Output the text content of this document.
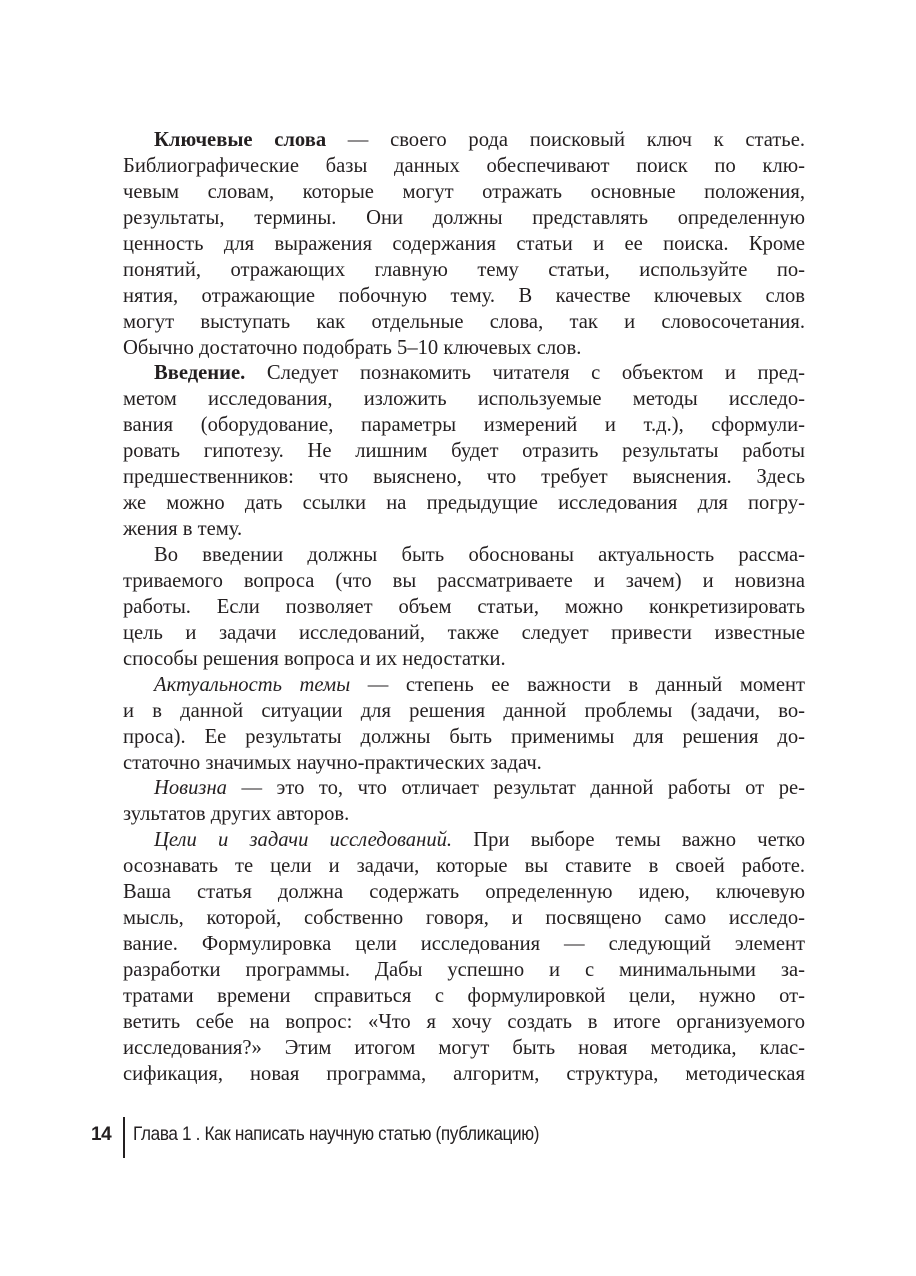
Ключевые слова — своего рода поисковый ключ к статье.
Библиографические базы данных обеспечивают поиск по клю-
чевым словам, которые могут отражать основные положения,
результаты, термины. Они должны представлять определенную
ценность для выражения содержания статьи и ее поиска. Кроме
понятий, отражающих главную тему статьи, используйте по-
нятия, отражающие побочную тему. В качестве ключевых слов
могут выступать как отдельные слова, так и словосочетания.
Обычно достаточно подобрать 5–10 ключевых слов.
Введение. Следует познакомить читателя с объектом и пред-
метом исследования, изложить используемые методы исследо-
вания (оборудование, параметры измерений и т.д.), сформули-
ровать гипотезу. Не лишним будет отразить результаты работы
предшественников: что выяснено, что требует выяснения. Здесь
же можно дать ссылки на предыдущие исследования для погру-
жения в тему.
Во введении должны быть обоснованы актуальность рассма-
триваемого вопроса (что вы рассматриваете и зачем) и новизна
работы. Если позволяет объем статьи, можно конкретизировать
цель и задачи исследований, также следует привести известные
способы решения вопроса и их недостатки.
Актуальность темы — степень ее важности в данный момент
и в данной ситуации для решения данной проблемы (задачи, во-
проса). Ее результаты должны быть применимы для решения до-
статочно значимых научно-практических задач.
Новизна — это то, что отличает результат данной работы от ре-
зультатов других авторов.
Цели и задачи исследований. При выборе темы важно четко
осознавать те цели и задачи, которые вы ставите в своей работе.
Ваша статья должна содержать определенную идею, ключевую
мысль, которой, собственно говоря, и посвящено само исследо-
вание. Формулировка цели исследования — следующий элемент
разработки программы. Дабы успешно и с минимальными за-
тратами времени справиться с формулировкой цели, нужно от-
ветить себе на вопрос: «Что я хочу создать в итоге организуемого
исследования?» Этим итогом могут быть новая методика, клас-
сификация, новая программа, алгоритм, структура, методическая
14 Глава 1 . Как написать научную статью (публикацию)
